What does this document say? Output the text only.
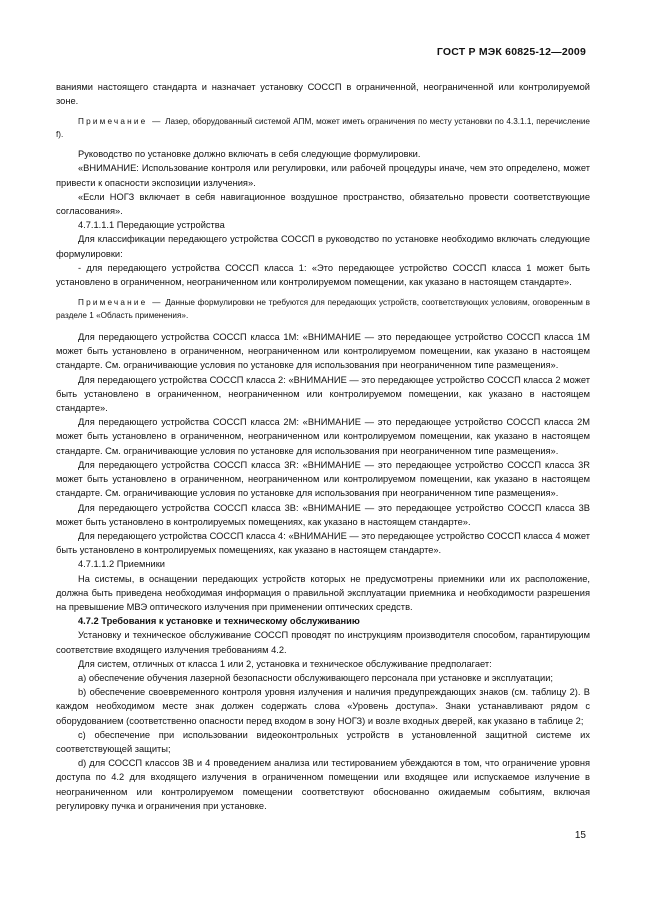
ГОСТ Р МЭК 60825-12—2009

ваниями настоящего стандарта и назначает установку СОССП в ограниченной, неограниченной или контролируемой зоне.

Примечание — Лазер, оборудованный системой АПМ, может иметь ограничения по месту установки по 4.3.1.1, перечисление f).

Руководство по установке должно включать в себя следующие формулировки.

«ВНИМАНИЕ: Использование контроля или регулировки, или рабочей процедуры иначе, чем это определено, может привести к опасности экспозиции излучения».

«Если НОГЗ включает в себя навигационное воздушное пространство, обязательно провести соответствующие согласования».

4.7.1.1.1 Передающие устройства

Для классификации передающего устройства СОССП в руководство по установке необходимо включать следующие формулировки:

- для передающего устройства СОССП класса 1: «Это передающее устройство СОССП класса 1 может быть установлено в ограниченном, неограниченном или контролируемом помещении, как указано в настоящем стандарте».

Примечание — Данные формулировки не требуются для передающих устройств, соответствующих условиям, оговоренным в разделе 1 «Область применения».

Для передающего устройства СОССП класса 1M: «ВНИМАНИЕ — это передающее устройство СОССП класса 1M может быть установлено в ограниченном, неограниченном или контролируемом помещении, как указано в настоящем стандарте. См. ограничивающие условия по установке для использования при неограниченном типе размещения».

Для передающего устройства СОССП класса 2: «ВНИМАНИЕ — это передающее устройство СОССП класса 2 может быть установлено в ограниченном, неограниченном или контролируемом помещении, как указано в настоящем стандарте».

Для передающего устройства СОССП класса 2M: «ВНИМАНИЕ — это передающее устройство СОССП класса 2M может быть установлено в ограниченном, неограниченном или контролируемом помещении, как указано в настоящем стандарте. См. ограничивающие условия по установке для использования при неограниченном типе размещения».

Для передающего устройства СОССП класса 3R: «ВНИМАНИЕ — это передающее устройство СОССП класса 3R может быть установлено в ограниченном, неограниченном или контролируемом помещении, как указано в настоящем стандарте. См. ограничивающие условия по установке для использования при неограниченном типе размещения».

Для передающего устройства СОССП класса 3B: «ВНИМАНИЕ — это передающее устройство СОССП класса 3B может быть установлено в контролируемых помещениях, как указано в настоящем стандарте».

Для передающего устройства СОССП класса 4: «ВНИМАНИЕ — это передающее устройство СОССП класса 4 может быть установлено в контролируемых помещениях, как указано в настоящем стандарте».

4.7.1.1.2 Приемники

На системы, в оснащении передающих устройств которых не предусмотрены приемники или их расположение, должна быть приведена необходимая информация о правильной эксплуатации приемника и необходимости разрешения на превышение МВЭ оптического излучения при применении оптических средств.

4.7.2 Требования к установке и техническому обслуживанию

Установку и техническое обслуживание СОССП проводят по инструкциям производителя способом, гарантирующим соответствие входящего излучения требованиям 4.2.

Для систем, отличных от класса 1 или 2, установка и техническое обслуживание предполагает:

а) обеспечение обучения лазерной безопасности обслуживающего персонала при установке и эксплуатации;

b) обеспечение своевременного контроля уровня излучения и наличия предупреждающих знаков (см. таблицу 2). В каждом необходимом месте знак должен содержать слова «Уровень доступа». Знаки устанавливают рядом с оборудованием (соответственно опасности перед входом в зону НОГЗ) и возле входных дверей, как указано в таблице 2;

c) обеспечение при использовании видеоконтрольных устройств в установленной защитной системе их соответствующей защиты;

d) для СОССП классов 3B и 4 проведением анализа или тестированием убеждаются в том, что ограничение уровня доступа по 4.2 для входящего излучения в ограниченном помещении или входящее или испускаемое излучение в неограниченном или контролируемом помещении соответствуют обоснованно ожидаемым событиям, включая регулировку пучка и ограничения при установке.

15
